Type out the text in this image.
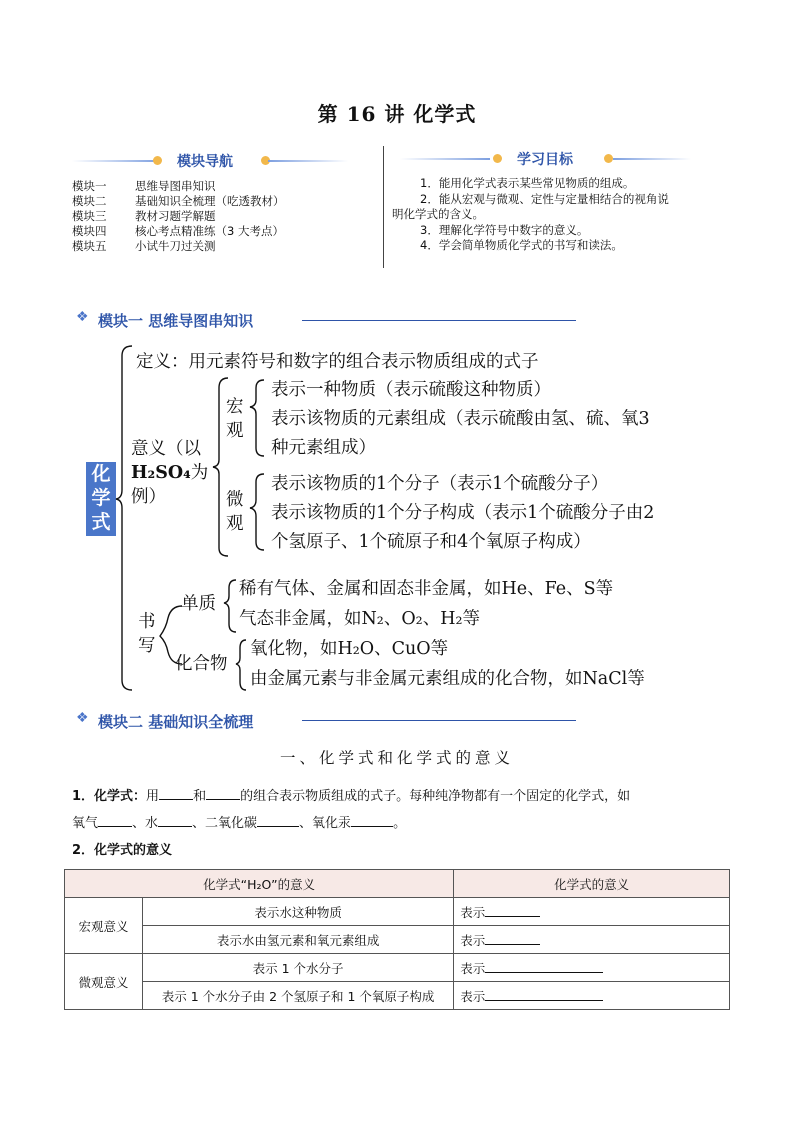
第 16 讲 化学式
模块导航
模块一 思维导图串知识
模块二 基础知识全梳理（吃透教材）
模块三 教材习题学解题
模块四 核心考点精准练（3 大考点）
模块五 小试牛刀过关测
学习目标
1．能用化学式表示某些常见物质的组成。
2．能从宏观与微观、定性与定量相结合的视角说
明化学式的含义。
3．理解化学符号中数字的意义。
4．学会简单物质化学式的书写和读法。
❖ 模块一 思维导图串知识
化
学
式
定义：用元素符号和数字的组合表示物质组成的式子
意义（以
H₂SO₄为
例）
宏
观
表示一种物质（表示硫酸这种物质）
表示该物质的元素组成（表示硫酸由氢、硫、氧3
种元素组成）
微
观
表示该物质的1个分子（表示1个硫酸分子）
表示该物质的1个分子构成（表示1个硫酸分子由2
个氢原子、1个硫原子和4个氧原子构成）
书
写
单质
稀有气体、金属和固态非金属，如He、Fe、S等
气态非金属，如N₂、O₂、H₂等
化合物
氧化物，如H₂O、CuO等
由金属元素与非金属元素组成的化合物，如NaCl等
❖ 模块二 基础知识全梳理
一、化学式和化学式的意义
1．化学式：用	和	的组合表示物质组成的式子。每种纯净物都有一个固定的化学式，如
氧气	、水	、二氧化碳	、氧化汞	。
2．化学式的意义
化学式“H₂O”的意义		化学式的意义
宏观意义	表示水这种物质	表示
	表示水由氢元素和氧元素组成	表示
微观意义	表示 1 个水分子	表示
	表示 1 个水分子由 2 个氢原子和 1 个氧原子构成	表示
